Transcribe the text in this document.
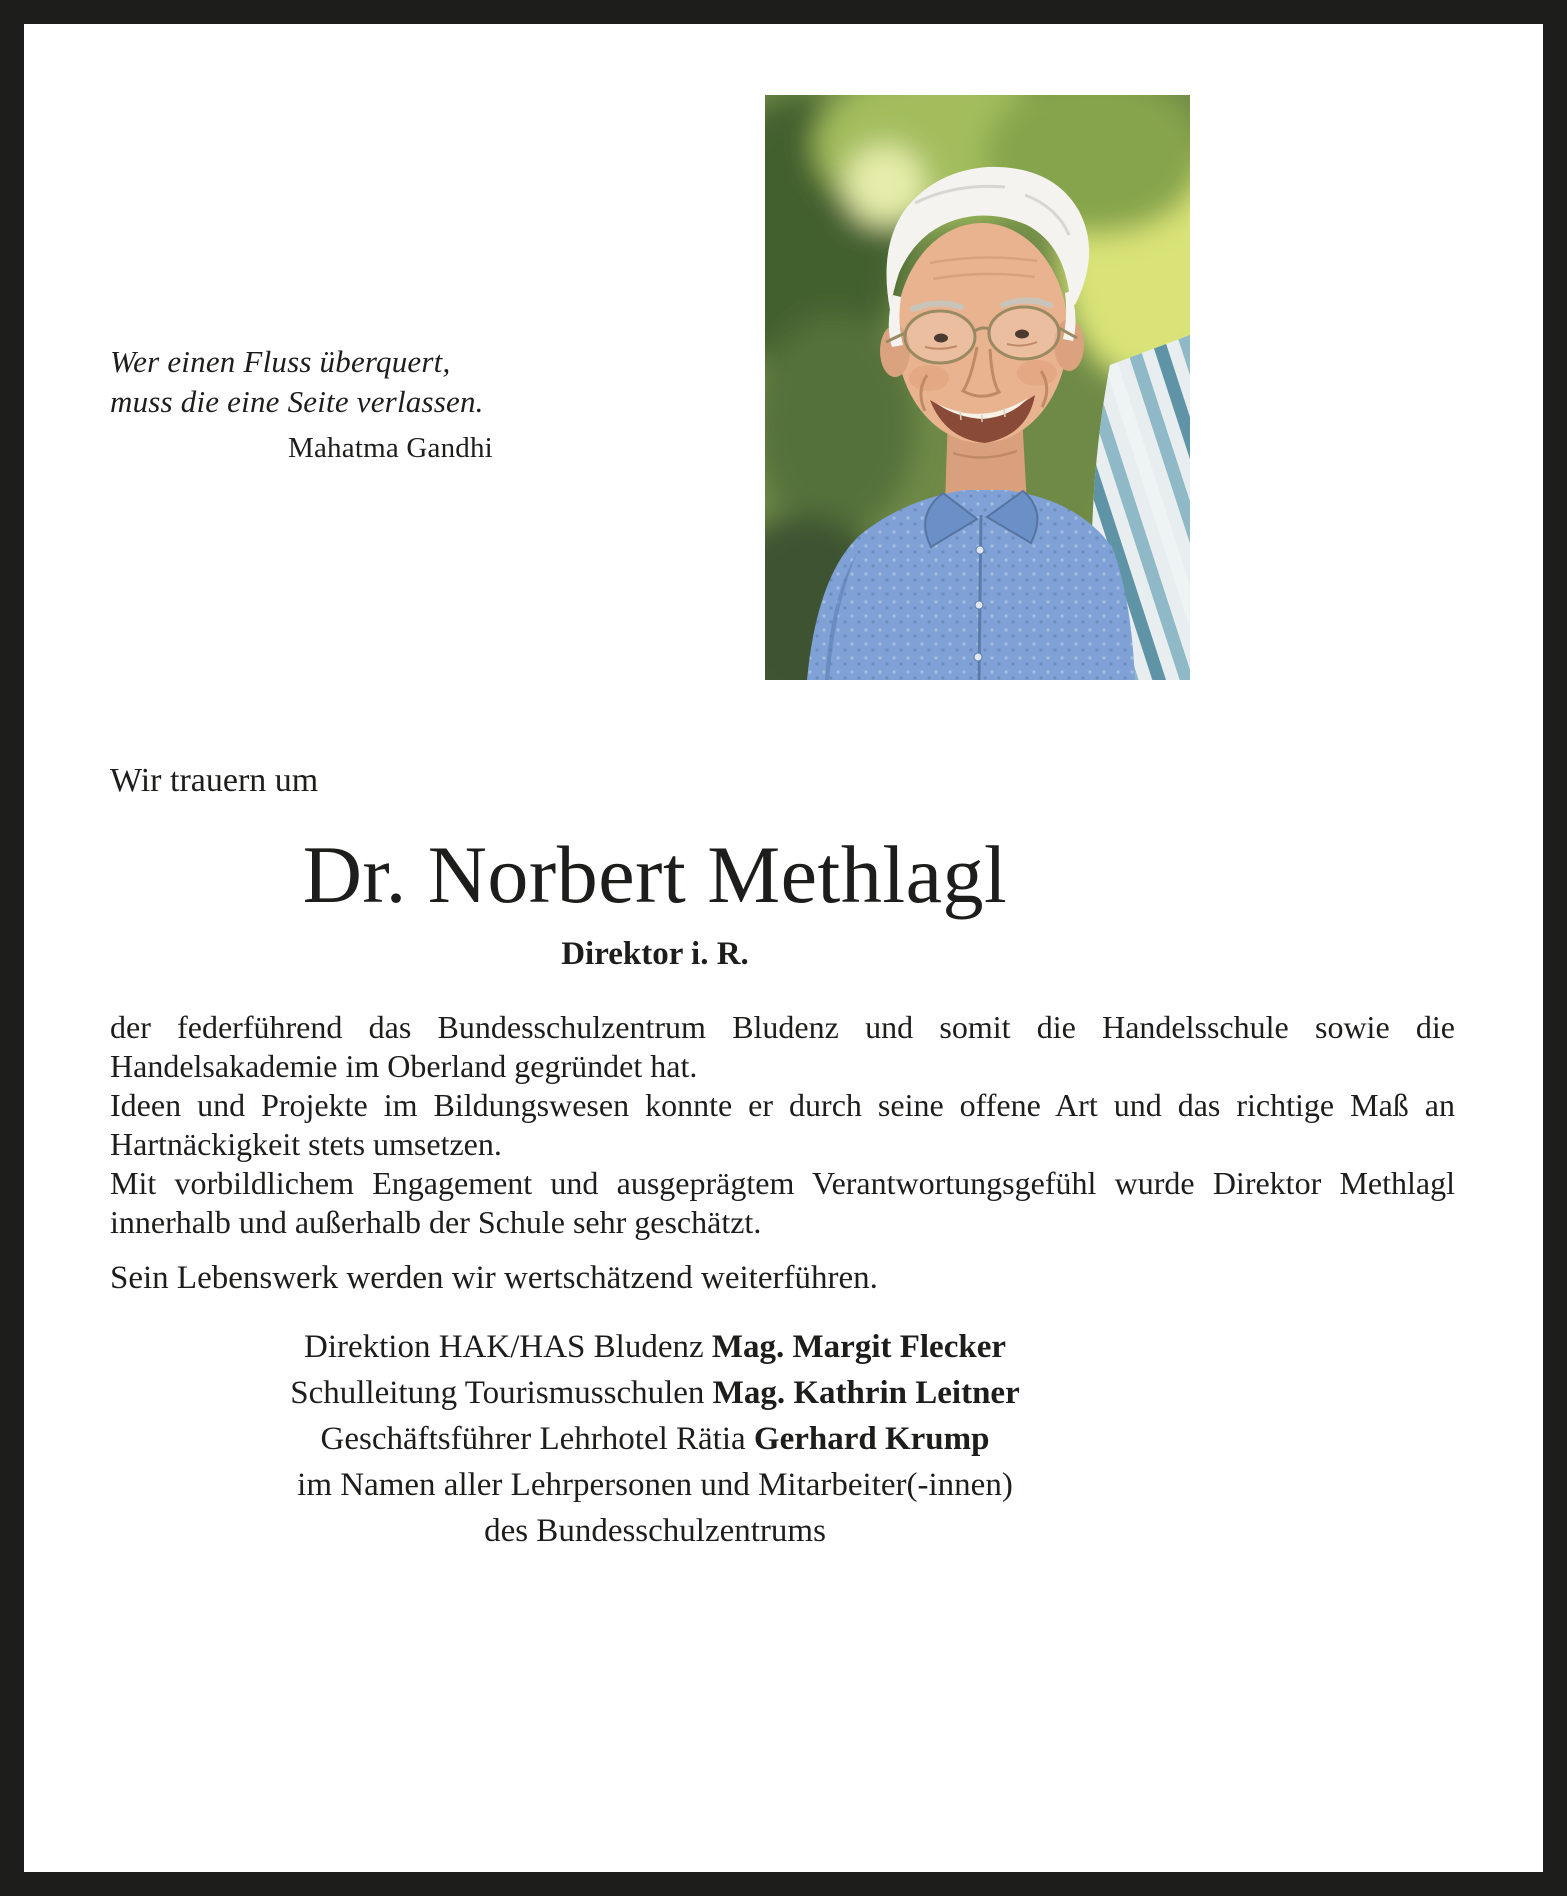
Wer einen Fluss überquert,
muss die eine Seite verlassen.
Mahatma Gandhi
Wir trauern um
Dr. Norbert Methlagl
Direktor i. R.

der federführend das Bundesschulzentrum Bludenz und somit die Handelsschule sowie die Handelsakademie im Oberland gegründet hat.

Ideen und Projekte im Bildungswesen konnte er durch seine offene Art und das richtige Maß an Hartnäckigkeit stets umsetzen.

Mit vorbildlichem Engagement und ausgeprägtem Verantwortungsgefühl wurde Direktor Methlagl innerhalb und außerhalb der Schule sehr geschätzt.

Sein Lebenswerk werden wir wertschätzend weiterführen.
Direktion HAK/HAS Bludenz Mag. Margit Flecker
Schulleitung Tourismusschulen Mag. Kathrin Leitner
Geschäftsführer Lehrhotel Rätia Gerhard Krump
im Namen aller Lehrpersonen und Mitarbeiter(-innen)
des Bundesschulzentrums
